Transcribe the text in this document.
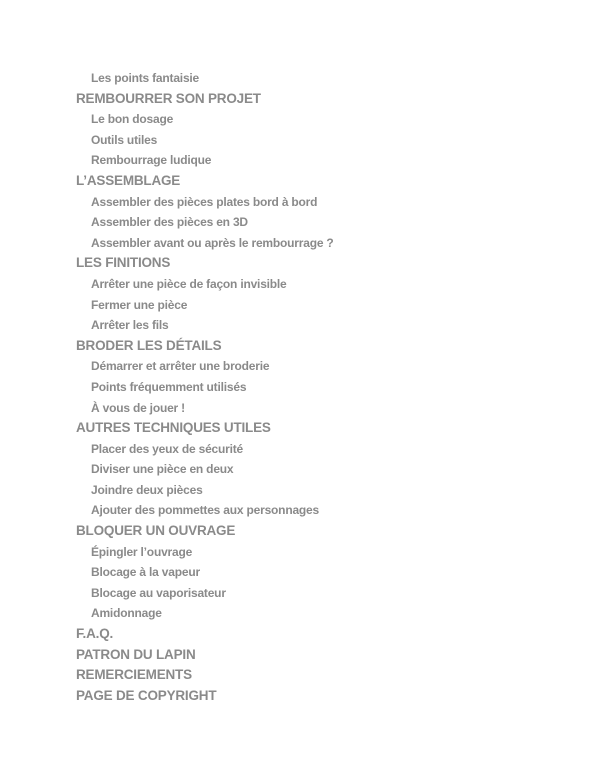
Les points fantaisie
REMBOURRER SON PROJET
Le bon dosage
Outils utiles
Rembourrage ludique
L’ASSEMBLAGE
Assembler des pièces plates bord à bord
Assembler des pièces en 3D
Assembler avant ou après le rembourrage ?
LES FINITIONS
Arrêter une pièce de façon invisible
Fermer une pièce
Arrêter les fils
BRODER LES DÉTAILS
Démarrer et arrêter une broderie
Points fréquemment utilisés
À vous de jouer !
AUTRES TECHNIQUES UTILES
Placer des yeux de sécurité
Diviser une pièce en deux
Joindre deux pièces
Ajouter des pommettes aux personnages
BLOQUER UN OUVRAGE
Épingler l’ouvrage
Blocage à la vapeur
Blocage au vaporisateur
Amidonnage
F.A.Q.
PATRON DU LAPIN
REMERCIEMENTS
PAGE DE COPYRIGHT
